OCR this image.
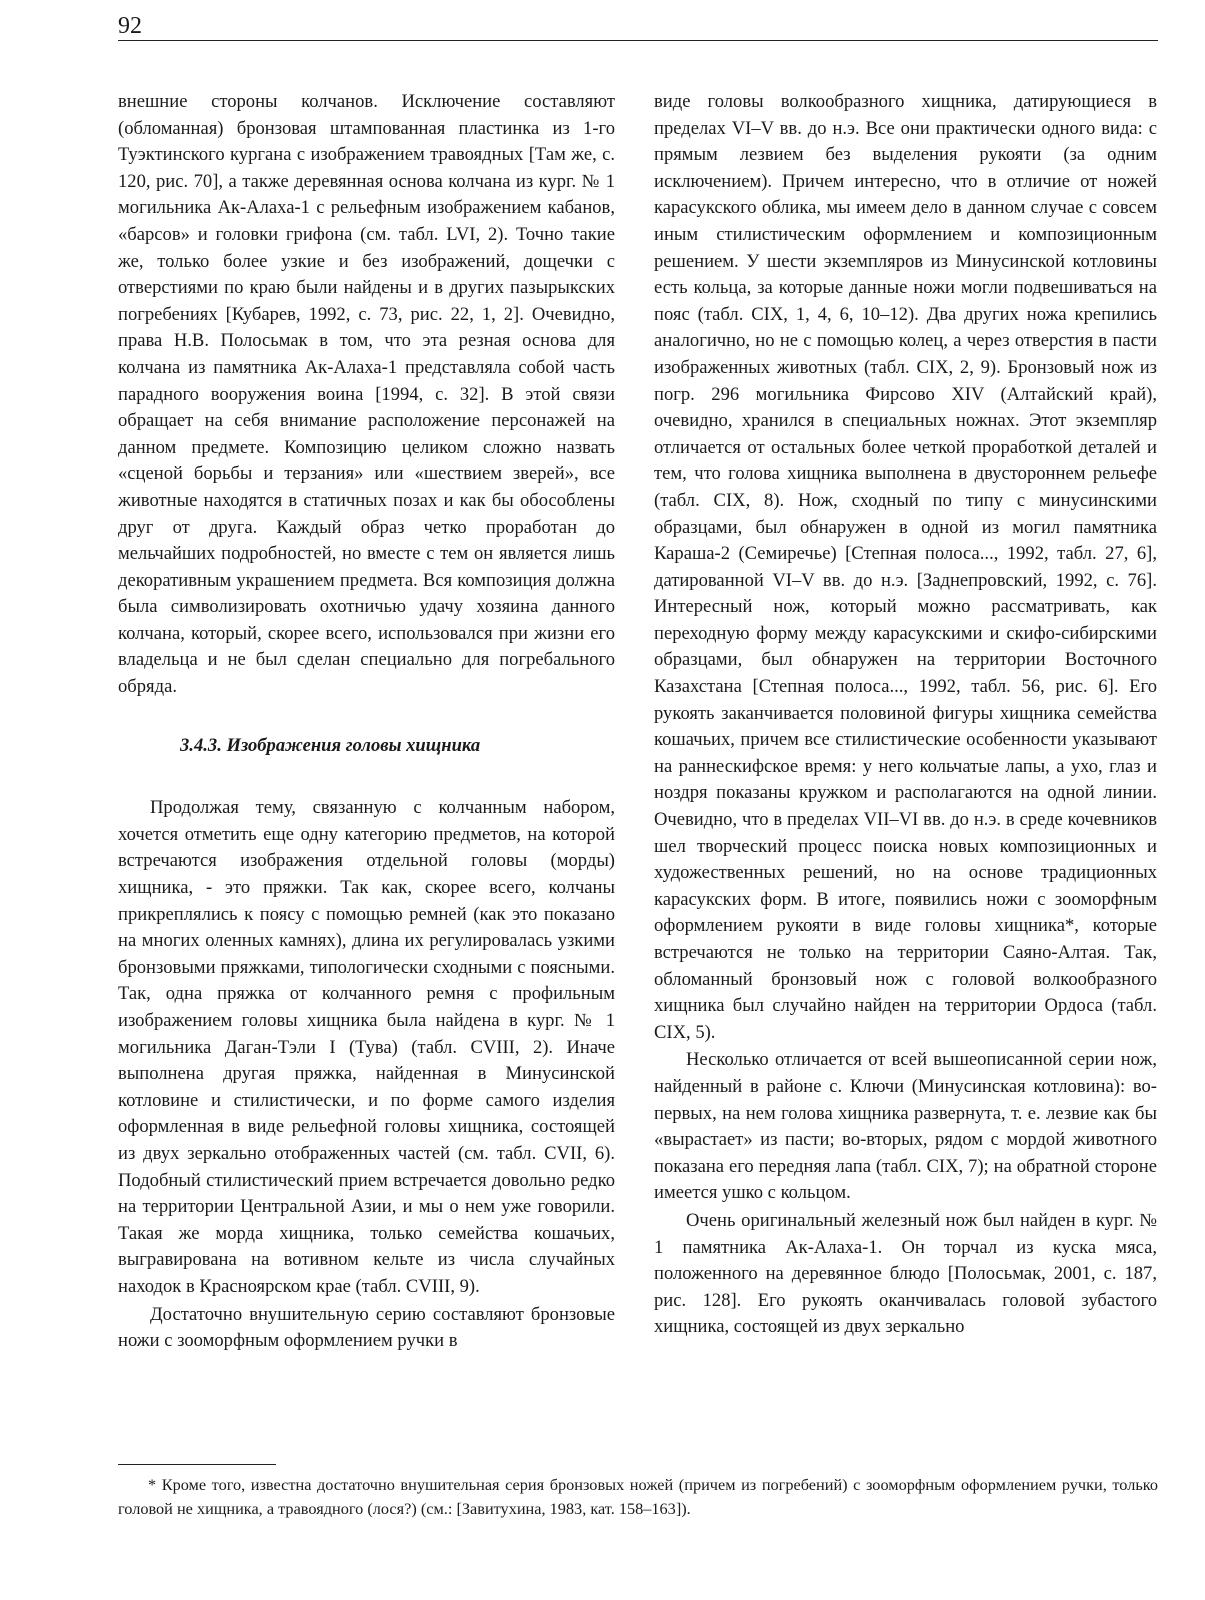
92

внешние стороны колчанов. Исключение составляют (обломанная) бронзовая штампованная пластинка из 1-го Туэктинского кургана с изображением травоядных [Там же, с. 120, рис. 70], а также деревянная основа колчана из кург. № 1 могильника Ак-Алаха-1 с рельефным изображением кабанов, «барсов» и головки грифона (см. табл. LVI, 2). Точно такие же, только более узкие и без изображений, дощечки с отверстиями по краю были найдены и в других пазырыкских погребениях [Кубарев, 1992, с. 73, рис. 22, 1, 2]. Очевидно, права Н.В. Полосьмак в том, что эта резная основа для колчана из памятника Ак-Алаха-1 представляла собой часть парадного вооружения воина [1994, с. 32]. В этой связи обращает на себя внимание расположение персонажей на данном предмете. Композицию целиком сложно назвать «сценой борьбы и терзания» или «шествием зверей», все животные находятся в статичных позах и как бы обособлены друг от друга. Каждый образ четко проработан до мельчайших подробностей, но вместе с тем он является лишь декоративным украшением предмета. Вся композиция должна была символизировать охотничью удачу хозяина данного колчана, который, скорее всего, использовался при жизни его владельца и не был сделан специально для погребального обряда.

3.4.3. Изображения головы хищника

Продолжая тему, связанную с колчанным набором, хочется отметить еще одну категорию предметов, на которой встречаются изображения отдельной головы (морды) хищника, - это пряжки. Так как, скорее всего, колчаны прикреплялись к поясу с помощью ремней (как это показано на многих оленных камнях), длина их регулировалась узкими бронзовыми пряжками, типологически сходными с поясными. Так, одна пряжка от колчанного ремня с профильным изображением головы хищника была найдена в кург. № 1 могильника Даган-Тэли I (Тува) (табл. CVIII, 2). Иначе выполнена другая пряжка, найденная в Минусинской котловине и стилистически, и по форме самого изделия оформленная в виде рельефной головы хищника, состоящей из двух зеркально отображенных частей (см. табл. CVII, 6). Подобный стилистический прием встречается довольно редко на территории Центральной Азии, и мы о нем уже говорили. Такая же морда хищника, только семейства кошачьих, выгравирована на вотивном кельте из числа случайных находок в Красноярском крае (табл. CVIII, 9).

Достаточно внушительную серию составляют бронзовые ножи с зооморфным оформлением ручки в

виде головы волкообразного хищника, датирующиеся в пределах VI–V вв. до н.э. Все они практически одного вида: с прямым лезвием без выделения рукояти (за одним исключением). Причем интересно, что в отличие от ножей карасукского облика, мы имеем дело в данном случае с совсем иным стилистическим оформлением и композиционным решением. У шести экземпляров из Минусинской котловины есть кольца, за которые данные ножи могли подвешиваться на пояс (табл. CIX, 1, 4, 6, 10–12). Два других ножа крепились аналогично, но не с помощью колец, а через отверстия в пасти изображенных животных (табл. CIX, 2, 9). Бронзовый нож из погр. 296 могильника Фирсово XIV (Алтайский край), очевидно, хранился в специальных ножнах. Этот экземпляр отличается от остальных более четкой проработкой деталей и тем, что голова хищника выполнена в двустороннем рельефе (табл. CIX, 8). Нож, сходный по типу с минусинскими образцами, был обнаружен в одной из могил памятника Караша-2 (Семиречье) [Степная полоса..., 1992, табл. 27, 6], датированной VI–V вв. до н.э. [Заднепровский, 1992, с. 76]. Интересный нож, который можно рассматривать, как переходную форму между карасукскими и скифо-сибирскими образцами, был обнаружен на территории Восточного Казахстана [Степная полоса..., 1992, табл. 56, рис. 6]. Его рукоять заканчивается половиной фигуры хищника семейства кошачьих, причем все стилистические особенности указывают на раннескифское время: у него кольчатые лапы, а ухо, глаз и ноздря показаны кружком и располагаются на одной линии. Очевидно, что в пределах VII–VI вв. до н.э. в среде кочевников шел творческий процесс поиска новых композиционных и художественных решений, но на основе традиционных карасукских форм. В итоге, появились ножи с зооморфным оформлением рукояти в виде головы хищника*, которые встречаются не только на территории Саяно-Алтая. Так, обломанный бронзовый нож с головой волкообразного хищника был случайно найден на территории Ордоса (табл. CIX, 5).

Несколько отличается от всей вышеописанной серии нож, найденный в районе с. Ключи (Минусинская котловина): во-первых, на нем голова хищника развернута, т. е. лезвие как бы «вырастает» из пасти; во-вторых, рядом с мордой животного показана его передняя лапа (табл. CIX, 7); на обратной стороне имеется ушко с кольцом.

Очень оригинальный железный нож был найден в кург. № 1 памятника Ак-Алаха-1. Он торчал из куска мяса, положенного на деревянное блюдо [Полосьмак, 2001, с. 187, рис. 128]. Его рукоять оканчивалась головой зубастого хищника, состоящей из двух зеркально

* Кроме того, известна достаточно внушительная серия бронзовых ножей (причем из погребений) с зооморфным оформлением ручки, только головой не хищника, а травоядного (лося?) (см.: [Завитухина, 1983, кат. 158–163]).
